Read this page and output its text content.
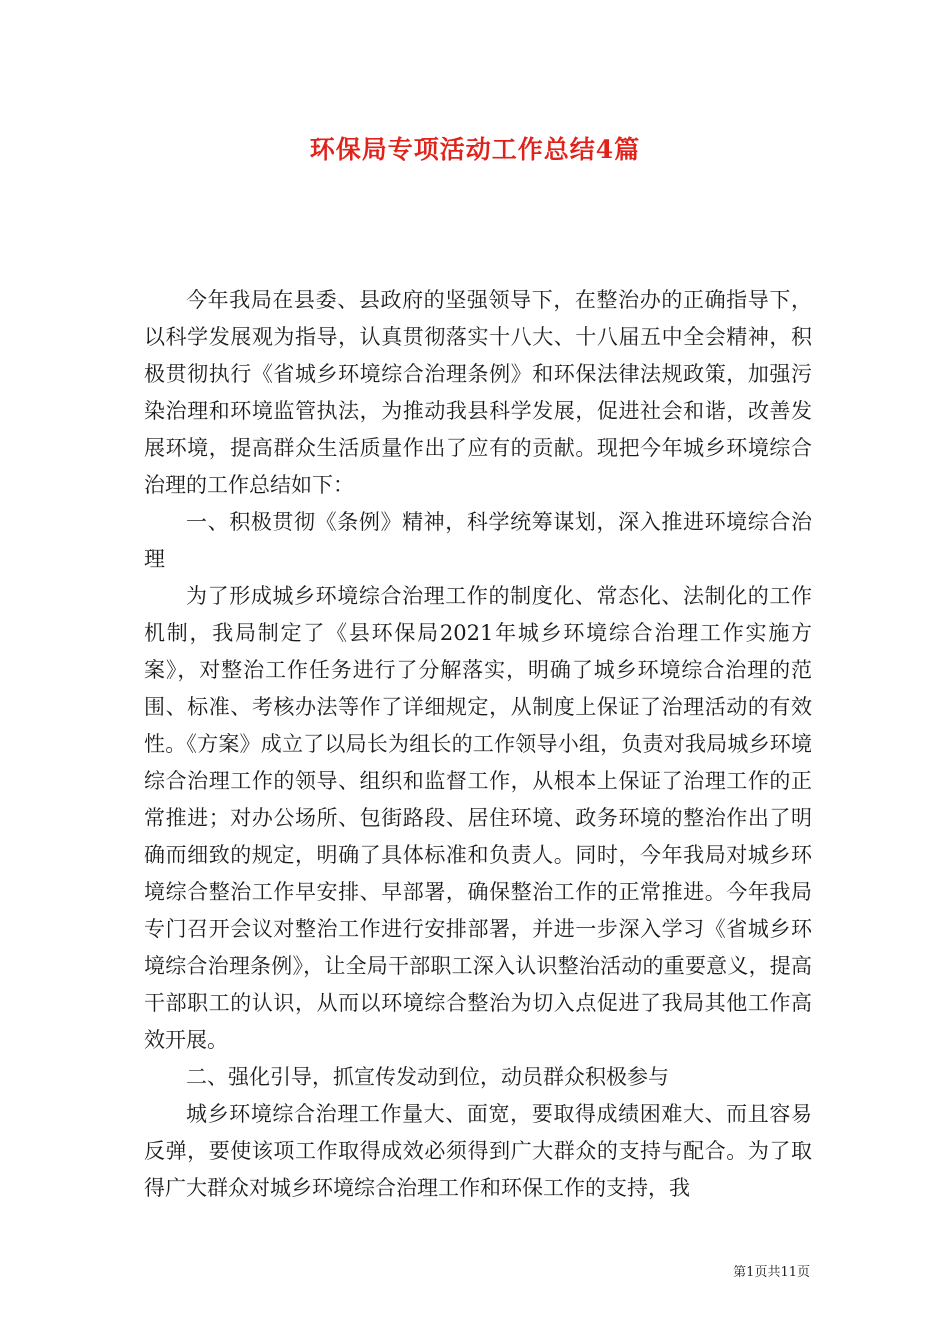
环保局专项活动工作总结4篇

今年我局在县委、县政府的坚强领导下，在整治办的正确指导下，以科学发展观为指导，认真贯彻落实十八大、十八届五中全会精神，积极贯彻执行《省城乡环境综合治理条例》和环保法律法规政策，加强污染治理和环境监管执法，为推动我县科学发展，促进社会和谐，改善发展环境，提高群众生活质量作出了应有的贡献。现把今年城乡环境综合治理的工作总结如下：

一、积极贯彻《条例》精神，科学统筹谋划，深入推进环境综合治理

为了形成城乡环境综合治理工作的制度化、常态化、法制化的工作机制，我局制定了《县环保局2021年城乡环境综合治理工作实施方案》，对整治工作任务进行了分解落实，明确了城乡环境综合治理的范围、标准、考核办法等作了详细规定，从制度上保证了治理活动的有效性。《方案》成立了以局长为组长的工作领导小组，负责对我局城乡环境综合治理工作的领导、组织和监督工作，从根本上保证了治理工作的正常推进；对办公场所、包街路段、居住环境、政务环境的整治作出了明确而细致的规定，明确了具体标准和负责人。同时，今年我局对城乡环境综合整治工作早安排、早部署，确保整治工作的正常推进。今年我局专门召开会议对整治工作进行安排部署，并进一步深入学习《省城乡环境综合治理条例》，让全局干部职工深入认识整治活动的重要意义，提高干部职工的认识，从而以环境综合整治为切入点促进了我局其他工作高效开展。

二、强化引导，抓宣传发动到位，动员群众积极参与

城乡环境综合治理工作量大、面宽，要取得成绩困难大、而且容易反弹，要使该项工作取得成效必须得到广大群众的支持与配合。为了取得广大群众对城乡环境综合治理工作和环保工作的支持，我

第1页共11页
